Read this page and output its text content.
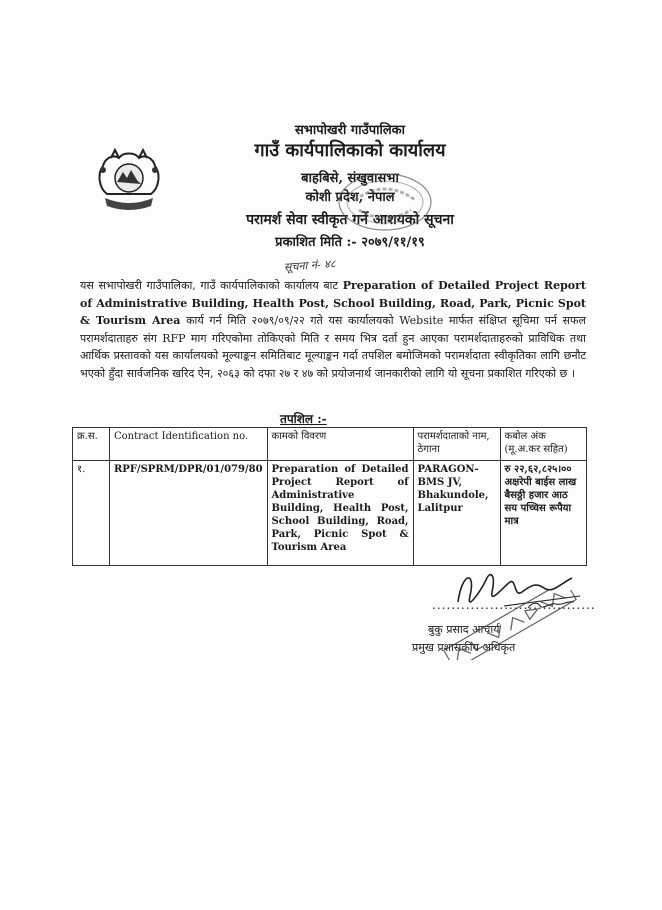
सभापोखरी गाउँपालिका
गाउँ कार्यपालिकाको कार्यालय
बाहबिसे, संखुवासभा
कोशी प्रदेश, नेपाल
परामर्श सेवा स्वीकृत गर्ने आशयको सूचना
प्रकाशित मिति :- २०७९/११/१९
सूचना नं- ४८
यस सभापोखरी गाउँपालिका, गाउँ कार्यपालिकाको कार्यालय बाट Preparation of Detailed Project Report of Administrative Building, Health Post, School Building, Road, Park, Picnic Spot & Tourism Area कार्य गर्न मिति २०७९/०९/२२ गते यस कार्यालयको Website मार्फत संक्षिप्त सूचिमा पर्न सफल परामर्शदाताहरु संग RFP माग गरिएकोमा तोकिएको मिति र समय भित्र दर्ता हुन आएका परामर्शदाताहरुको प्राविधिक तथा आर्थिक प्रस्तावको यस कार्यालयको मूल्याङ्कन समितिबाट मूल्याङ्कन गर्दा तपशिल बमोजिमको परामर्शदाता स्वीकृतिका लागि छनौट भएको हुँदा सार्वजनिक खरिद ऐन, २०६३ को दफा २७ र ४७ को प्रयोजनार्थ जानकारीको लागि यो सूचना प्रकाशित गरिएको छ ।
तपशिल :-
क्र.स.	Contract Identification no.	कामको विवरण	परामर्शदाताको नाम, ठेगाना	कबोल अंक (मू.अ.कर सहित)
१.	RPF/SPRM/DPR/01/079/80	Preparation of Detailed Project Report of Administrative Building, Health Post, School Building, Road, Park, Picnic Spot & Tourism Area	PARAGON-BMS JV, Bhakundole, Lalitpur	रु २२,६२,८२५।०० अक्षरेपी बाईस लाख बैसठ्ठी हजार आठ सय पच्चिस रूपैया मात्र
..................................
बुकु प्रसाद आचार्य
प्रमुख प्रशासकीय अधिकृत
